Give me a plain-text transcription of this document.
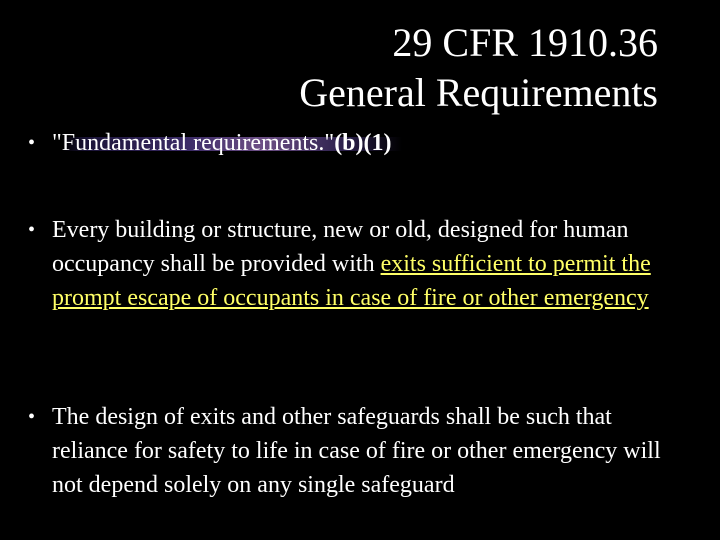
29 CFR 1910.36
General Requirements
• "Fundamental requirements."(b)(1)
• Every building or structure, new or old, designed for human occupancy shall be provided with exits sufficient to permit the prompt escape of occupants in case of fire or other emergency
• The design of exits and other safeguards shall be such that reliance for safety to life in case of fire or other emergency will not depend solely on any single safeguard
